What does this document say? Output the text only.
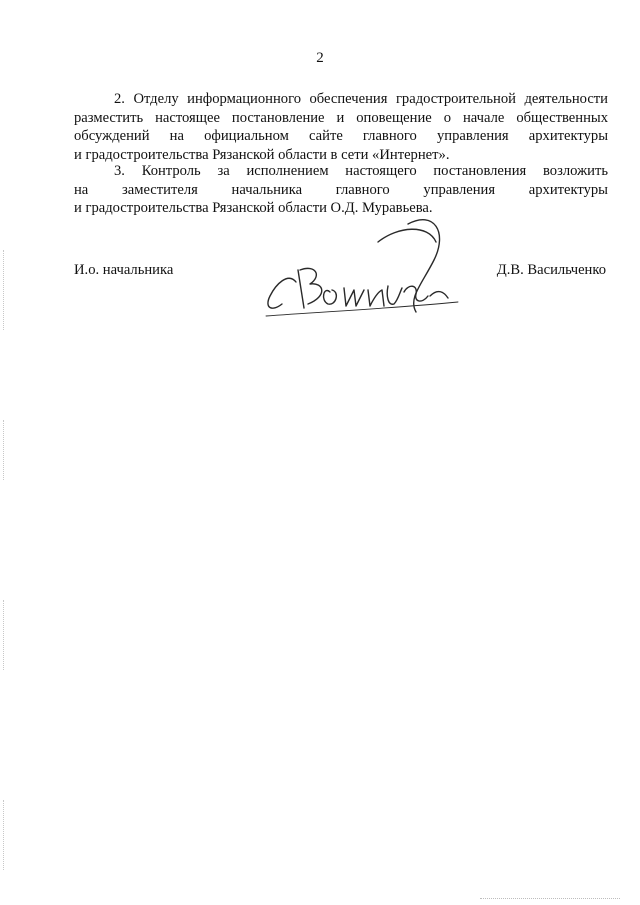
2
2. Отделу информационного обеспечения градостроительной деятельности
разместить настоящее постановление и оповещение о начале общественных
обсуждений на официальном сайте главного управления архитектуры
и градостроительства Рязанской области в сети «Интернет».
3. Контроль за исполнением настоящего постановления возложить
на заместителя начальника главного управления архитектуры
и градостроительства Рязанской области О.Д. Муравьева.
И.о. начальника	Д.В. Васильченко
